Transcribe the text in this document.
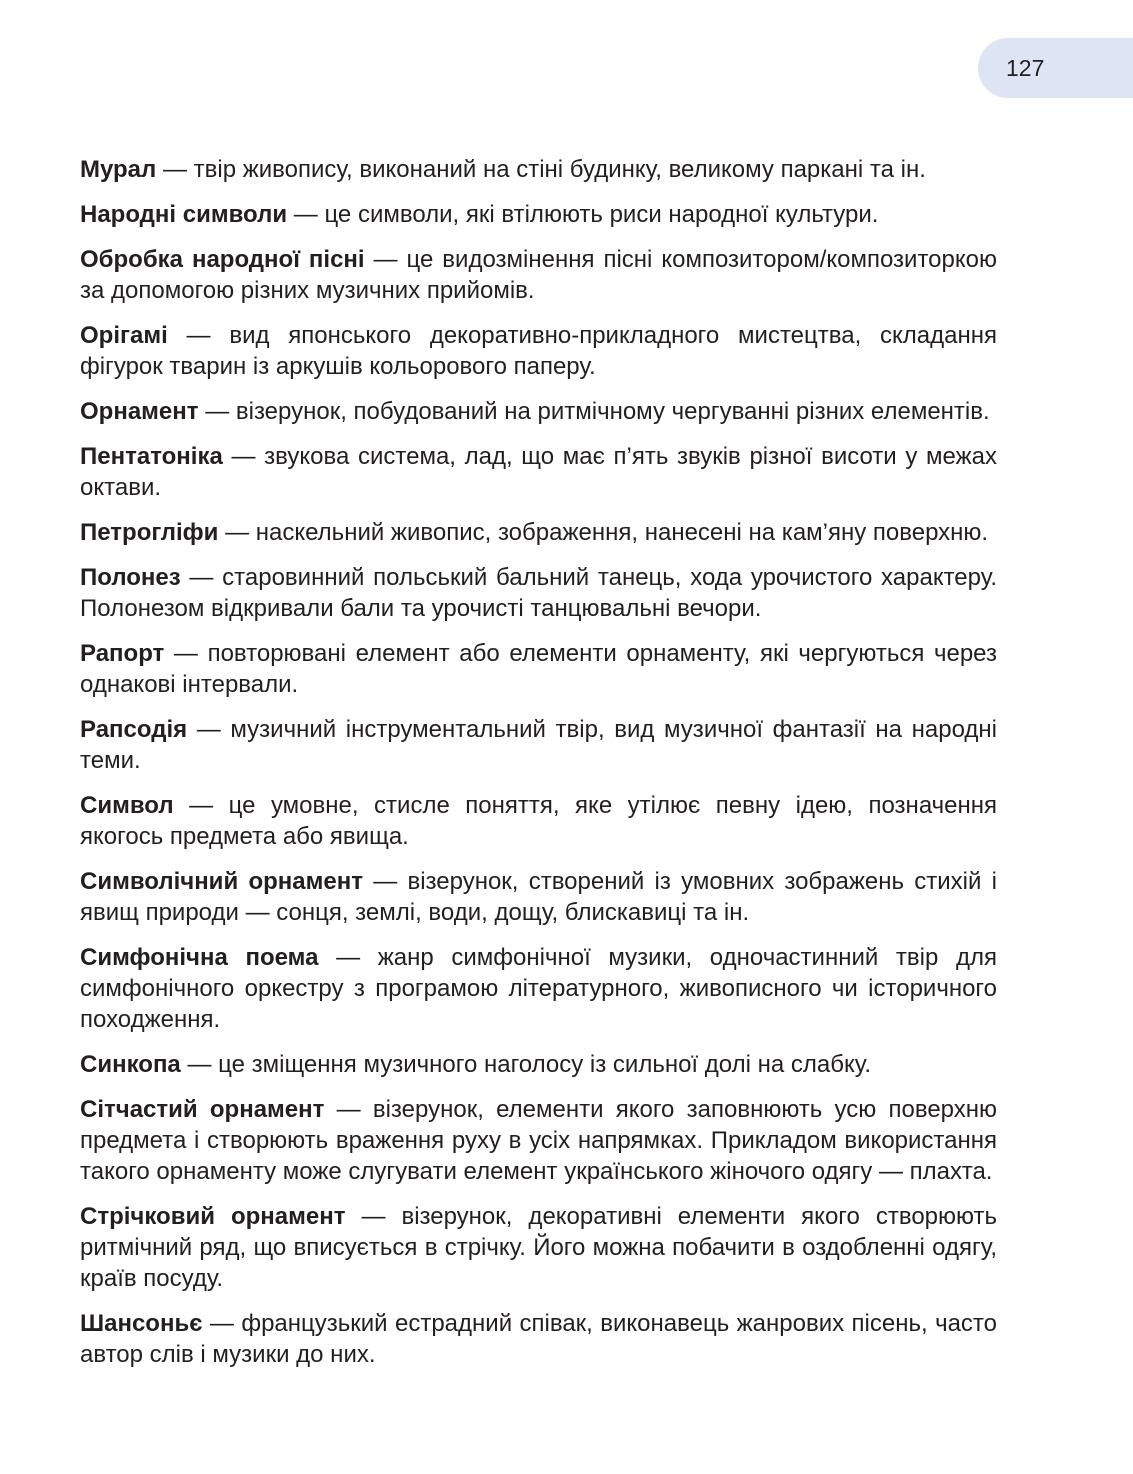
127

Мурал — твір живопису, виконаний на стіні будинку, великому паркані та ін.

Народні символи — це символи, які втілюють риси народної культури.

Обробка народної пісні — це видозмінення пісні композитором/композиторкою за допомогою різних музичних прийомів.

Орігамі — вид японського декоративно-прикладного мистецтва, складання фігурок тварин із аркушів кольорового паперу.

Орнамент — візерунок, побудований на ритмічному чергуванні різних елементів.

Пентатоніка — звукова система, лад, що має п’ять звуків різної висоти у межах октави.

Петрогліфи — наскельний живопис, зображення, нанесені на кам’яну поверхню.

Полонез — старовинний польський бальний танець, хода урочистого характеру. Полонезом відкривали бали та урочисті танцювальні вечори.

Рапорт — повторювані елемент або елементи орнаменту, які чергуються через однакові інтервали.

Рапсодія — музичний інструментальний твір, вид музичної фантазії на народні теми.

Символ — це умовне, стисле поняття, яке утілює певну ідею, позначення якогось предмета або явища.

Символічний орнамент — візерунок, створений із умовних зображень стихій і явищ природи — сонця, землі, води, дощу, блискавиці та ін.

Симфонічна поема — жанр симфонічної музики, одночастинний твір для симфонічного оркестру з програмою літературного, живописного чи історичного походження.

Синкопа — це зміщення музичного наголосу із сильної долі на слабку.

Сітчастий орнамент — візерунок, елементи якого заповнюють усю поверхню предмета і створюють враження руху в усіх напрямках. Прикладом використання такого орнаменту може слугувати елемент українського жіночого одягу — плахта.

Стрічковий орнамент — візерунок, декоративні елементи якого створюють ритмічний ряд, що вписується в стрічку. Його можна побачити в оздобленні одягу, країв посуду.

Шансоньє — французький естрадний співак, виконавець жанрових пісень, часто автор слів і музики до них.
